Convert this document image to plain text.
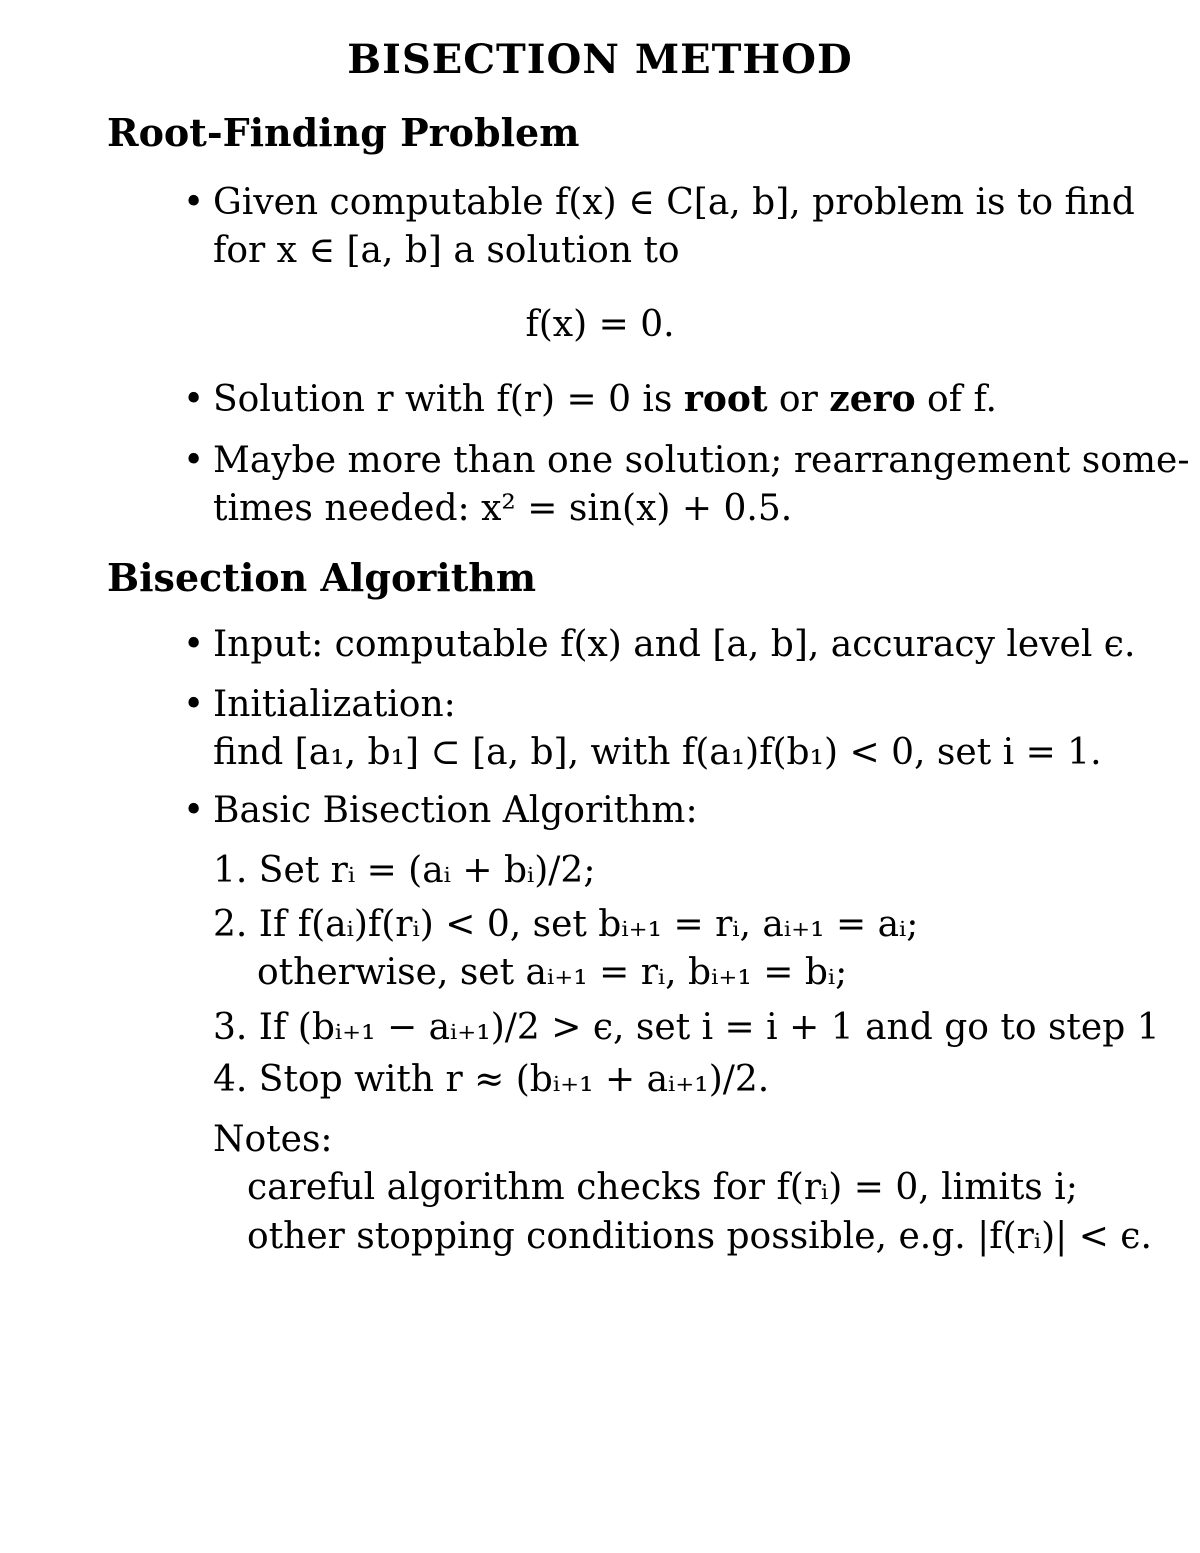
BISECTION METHOD
Root-Finding Problem
• Given computable f(x) ∈ C[a, b], problem is to find
for x ∈ [a, b] a solution to
f(x) = 0.
• Solution r with f(r) = 0 is root or zero of f.
• Maybe more than one solution; rearrangement some-
times needed: x² = sin(x) + 0.5.
Bisection Algorithm
• Input: computable f(x) and [a, b], accuracy level ϵ.
• Initialization:
find [a₁, b₁] ⊂ [a, b], with f(a₁)f(b₁) < 0, set i = 1.
• Basic Bisection Algorithm:
1. Set rᵢ = (aᵢ + bᵢ)/2;
2. If f(aᵢ)f(rᵢ) < 0, set bᵢ₊₁ = rᵢ, aᵢ₊₁ = aᵢ;
otherwise, set aᵢ₊₁ = rᵢ, bᵢ₊₁ = bᵢ;
3. If (bᵢ₊₁ − aᵢ₊₁)/2 > ϵ, set i = i + 1 and go to step 1
4. Stop with r ≈ (bᵢ₊₁ + aᵢ₊₁)/2.
Notes:
careful algorithm checks for f(rᵢ) = 0, limits i;
other stopping conditions possible, e.g. |f(rᵢ)| < ϵ.
